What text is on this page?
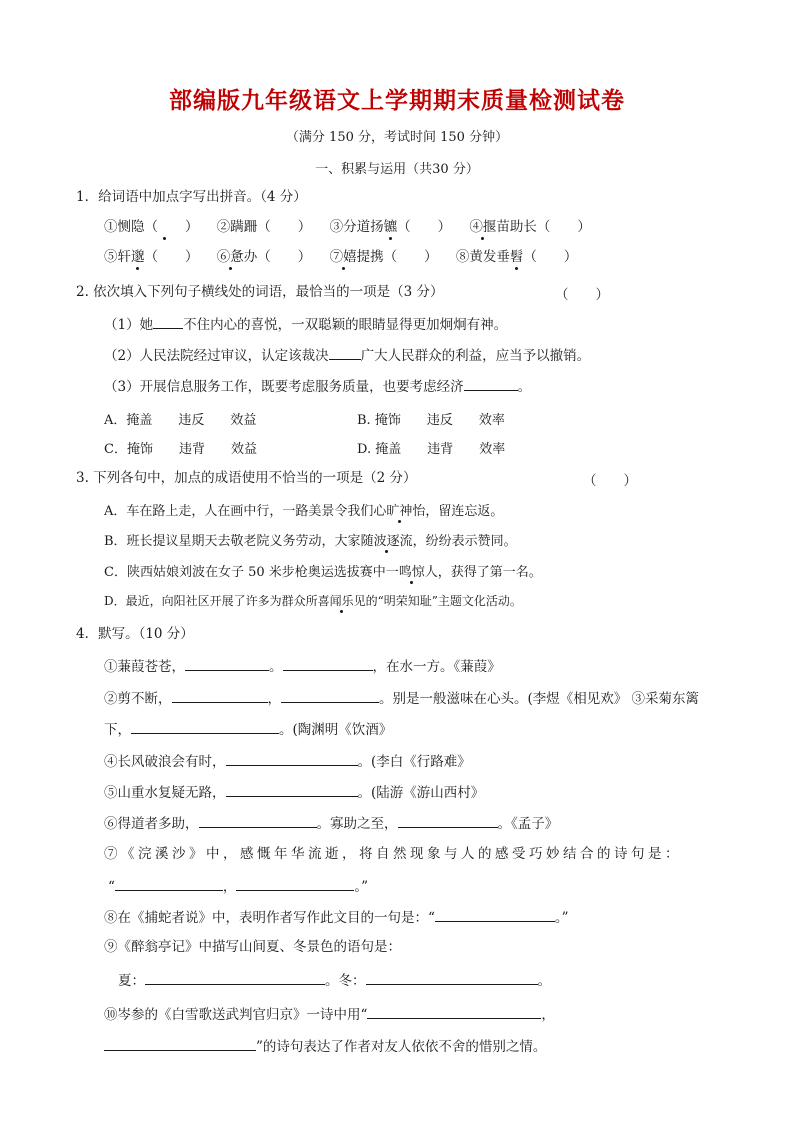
部编版九年级语文上学期期末质量检测试卷
（满分 150 分，考试时间 150 分钟）
一、积累与运用（共30 分）
1．给词语中加点字写出拼音。（4 分）
①恻隐（　　） ②蹒跚（　　） ③分道扬镳（　　） ④揠苗助长（　　）
⑤轩邈（　　） ⑥惫办（　　） ⑦嬉提携（　　） ⑧黄发垂髫（　　）
2. 依次填入下列句子横线处的词语，最恰当的一项是（3 分）	（　　）
（1）她 不住内心的喜悦，一双聪颖的眼睛显得更加炯炯有神。
（2）人民法院经过审议，认定该裁决 广大人民群众的利益，应当予以撤销。
（3）开展信息服务工作，既要考虑服务质量，也要考虑经济	。
A．掩盖　　违反　　效益	B. 掩饰　　违反　　效率
C．掩饰　　违背　　效益	D. 掩盖　　违背　　效率
3. 下列各句中，加点的成语使用不恰当的一项是（2 分）	（　　）
A．车在路上走，人在画中行，一路美景令我们心旷神怡，留连忘返。
B．班长提议星期天去敬老院义务劳动，大家随波逐流，纷纷表示赞同。
C．陕西姑娘刘波在女子 50 米步枪奥运选拔赛中一鸣惊人，获得了第一名。
D．最近，向阳社区开展了许多为群众所喜闻乐见的“明荣知耻”主题文化活动。
4．默写。（10 分）
①蒹葭苍苍，	。	，在水一方。《蒹葭》
②剪不断，	，	。别是一般滋味在心头。(李煜《相见欢》 ③采菊东篱
下，	。(陶渊明《饮酒》
④长风破浪会有时，	。(李白《行路难》
⑤山重水复疑无路，	。(陆游《游山西村》
⑥得道者多助，	。寡助之至，	。《孟子》
⑦《浣溪沙》中，感慨年华流逝，将自然现象与人的感受巧妙结合的诗句是：
“	，	。”
⑧在《捕蛇者说》中，表明作者写作此文目的一句是：“	。”
⑨《醉翁亭记》中描写山间夏、冬景色的语句是：
夏：	。冬：	。
⑩岑参的《白雪歌送武判官归京》一诗中用“	，
”的诗句表达了作者对友人依依不舍的惜别之情。
